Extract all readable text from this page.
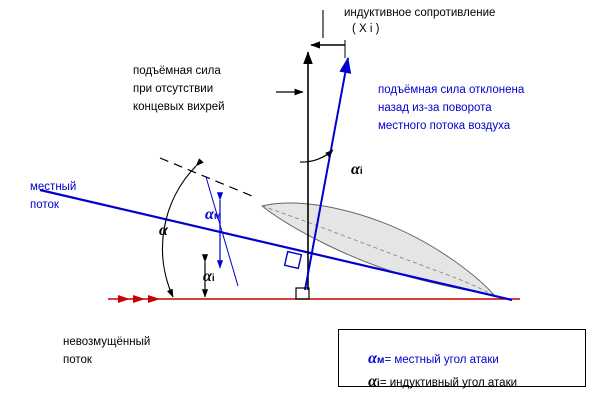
индуктивное сопротивление
( X i )
подъёмная сила
при отсутствии
концевых вихрей
подъёмная сила отклонена
назад из-за поворота
местного потока воздуха
местный
поток
невозмущённый
поток
α
αм
αi
αi

αм= местный угол атаки

αi= индуктивный угол атаки
